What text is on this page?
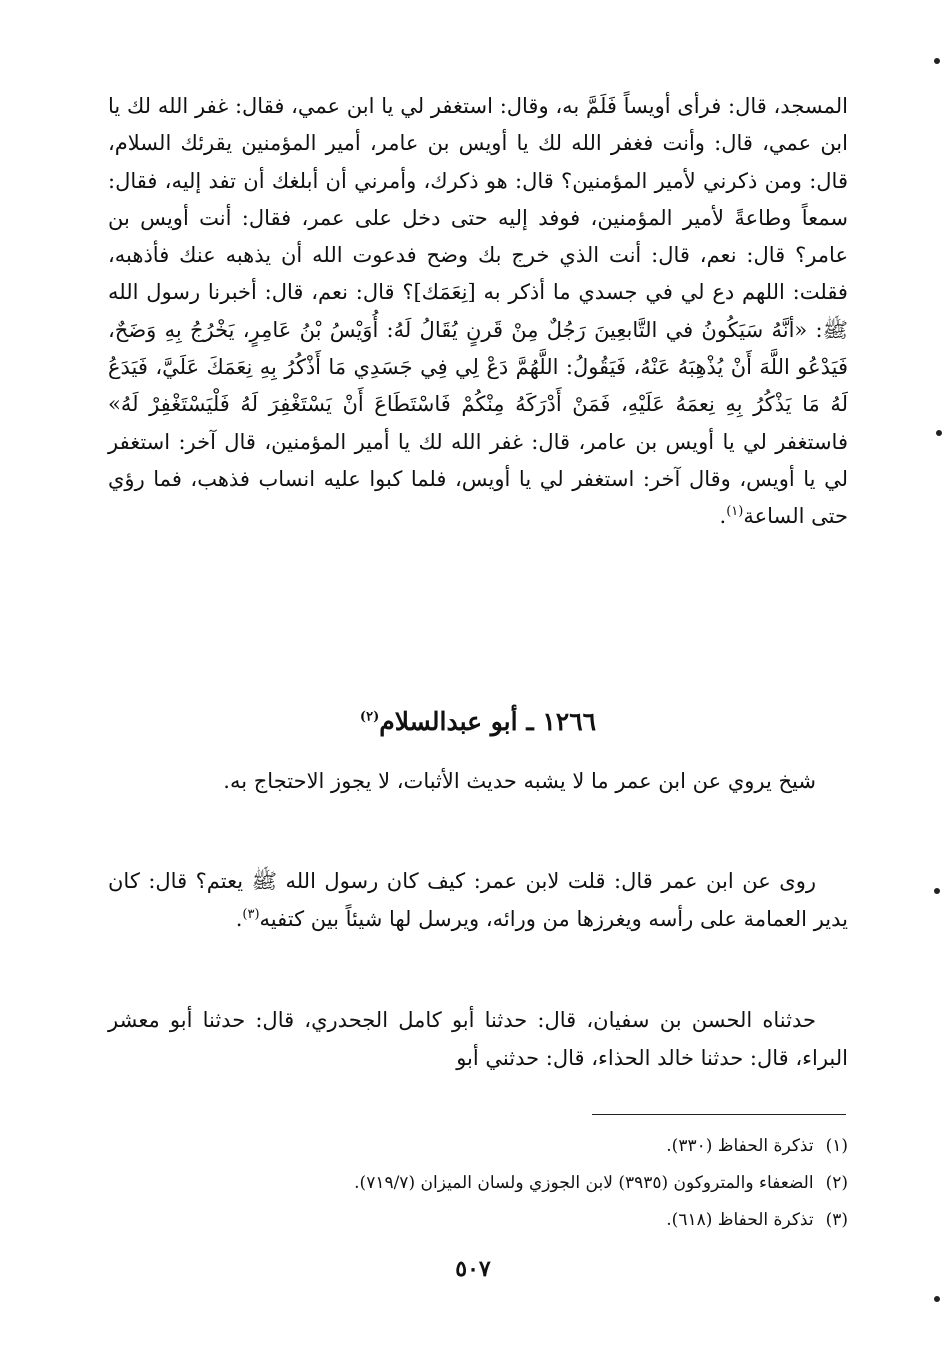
المسجد، قال: فرأى أويساً فَلَمَّ به، وقال: استغفر لي يا ابن عمي، فقال: غفر الله لك يا ابن عمي، قال: وأنت فغفر الله لك يا أويس بن عامر، أمير المؤمنين يقرئك السلام، قال: ومن ذكرني لأمير المؤمنين؟ قال: هو ذكرك، وأمرني أن أبلغك أن تفد إليه، فقال: سمعاً وطاعةً لأمير المؤمنين، فوفد إليه حتى دخل على عمر، فقال: أنت أويس بن عامر؟ قال: نعم، قال: أنت الذي خرج بك وضح فدعوت الله أن يذهبه عنك فأذهبه، فقلت: اللهم دع لي في جسدي ما أذكر به [نِعَمَك]؟ قال: نعم، قال: أخبرنا رسول الله ﷺ: «أنَّهُ سَيَكُونُ في التَّابعِينَ رَجُلٌ مِنْ قَرنٍ يُقَالُ لَهُ: أُوَيْسُ بْنُ عَامِرٍ، يَخْرُجُ بِهِ وَضَحٌ، فَيَدْعُو اللَّهَ أَنْ يُذْهِبَهُ عَنْهُ، فَيَقُولُ: اللَّهُمَّ دَعْ لِي فِي جَسَدِي مَا أَذْكُرُ بِهِ نِعَمَكَ عَلَيَّ، فَيَدَعُ لَهُ مَا يَذْكُرُ بِهِ نِعمَهُ عَلَيْهِ، فَمَنْ أَدْرَكَهُ مِنْكُمْ فَاسْتَطَاعَ أَنْ يَسْتَغْفِرَ لَهُ فَلْيَسْتَغْفِرْ لَهُ» فاستغفر لي يا أويس بن عامر، قال: غفر الله لك يا أمير المؤمنين، قال آخر: استغفر لي يا أويس، وقال آخر: استغفر لي يا أويس، فلما كبوا عليه انساب فذهب، فما رؤي حتى الساعة$^{(١)}$.

١٢٦٦ ـ أبو عبدالسلام$^{(٢)}$

شيخ يروي عن ابن عمر ما لا يشبه حديث الأثبات، لا يجوز الاحتجاج به.

روى عن ابن عمر قال: قلت لابن عمر: كيف كان رسول الله ﷺ يعتم؟ قال: كان يدير العمامة على رأسه ويغرزها من ورائه، ويرسل لها شيئاً بين كتفيه$^{(٣)}$.

حدثناه الحسن بن سفيان، قال: حدثنا أبو كامل الجحدري، قال: حدثنا أبو معشر البراء، قال: حدثنا خالد الحذاء، قال: حدثني أبو

(١)تذكرة الحفاظ (٣٣٠).
(٢)الضعفاء والمتروكون (٣٩٣٥) لابن الجوزي ولسان الميزان (٧١٩/٧).
(٣)تذكرة الحفاظ (٦١٨).
٥٠٧
